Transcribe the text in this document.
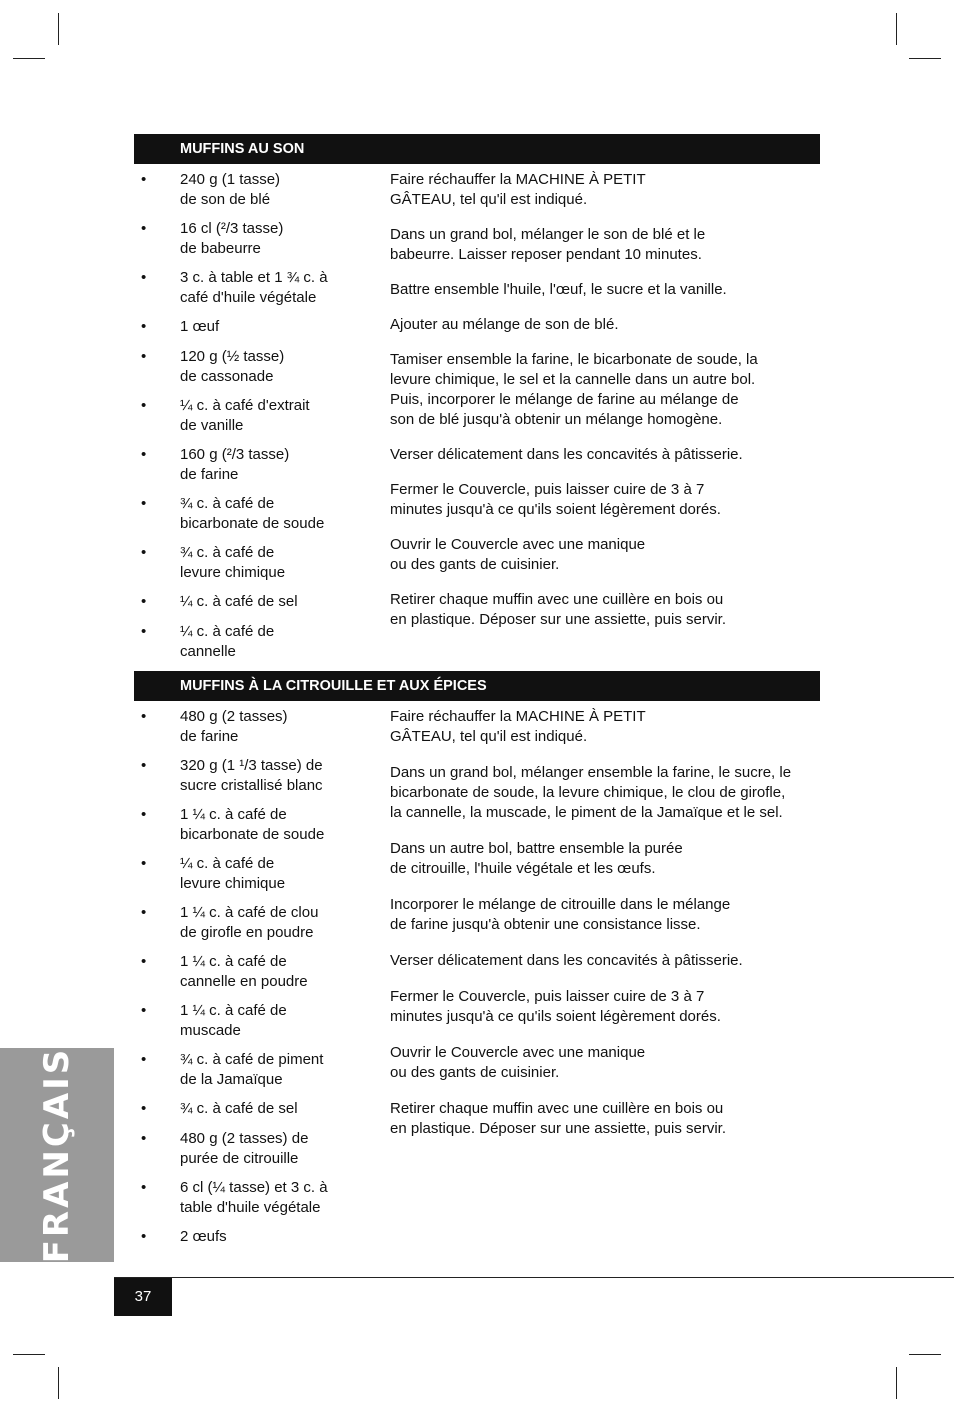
MUFFINS AU SON
• 240 g (1 tasse)
de son de blé
• 16 cl (²/3 tasse)
de babeurre
• 3 c. à table et 1 ¾ c. à
café d'huile végétale
• 1 œuf
• 120 g (½ tasse)
de cassonade
• ¼ c. à café d'extrait
de vanille
• 160 g (²/3 tasse)
de farine
• ¾ c. à café de
bicarbonate de soude
• ¾ c. à café de
levure chimique
• ¼ c. à café de sel
• ¼ c. à café de
cannelle

Faire réchauffer la MACHINE À PETIT
GÂTEAU, tel qu'il est indiqué.

Dans un grand bol, mélanger le son de blé et le
babeurre. Laisser reposer pendant 10 minutes.

Battre ensemble l'huile, l'œuf, le sucre et la vanille.

Ajouter au mélange de son de blé.

Tamiser ensemble la farine, le bicarbonate de soude, la
levure chimique, le sel et la cannelle dans un autre bol.
Puis, incorporer le mélange de farine au mélange de
son de blé jusqu'à obtenir un mélange homogène.

Verser délicatement dans les concavités à pâtisserie.

Fermer le Couvercle, puis laisser cuire de 3 à 7
minutes jusqu'à ce qu'ils soient légèrement dorés.

Ouvrir le Couvercle avec une manique
ou des gants de cuisinier.

Retirer chaque muffin avec une cuillère en bois ou
en plastique. Déposer sur une assiette, puis servir.

MUFFINS À LA CITROUILLE ET AUX ÉPICES
• 480 g (2 tasses)
de farine
• 320 g (1 ¹/3 tasse) de
sucre cristallisé blanc
• 1 ¼ c. à café de
bicarbonate de soude
• ¼ c. à café de
levure chimique
• 1 ¼ c. à café de clou
de girofle en poudre
• 1 ¼ c. à café de
cannelle en poudre
• 1 ¼ c. à café de
muscade
• ¾ c. à café de piment
de la Jamaïque
• ¾ c. à café de sel
• 480 g (2 tasses) de
purée de citrouille
• 6 cl (¼ tasse) et 3 c. à
table d'huile végétale
• 2 œufs

Faire réchauffer la MACHINE À PETIT
GÂTEAU, tel qu'il est indiqué.

Dans un grand bol, mélanger ensemble la farine, le sucre, le
bicarbonate de soude, la levure chimique, le clou de girofle,
la cannelle, la muscade, le piment de la Jamaïque et le sel.

Dans un autre bol, battre ensemble la purée
de citrouille, l'huile végétale et les œufs.

Incorporer le mélange de citrouille dans le mélange
de farine jusqu'à obtenir une consistance lisse.

Verser délicatement dans les concavités à pâtisserie.

Fermer le Couvercle, puis laisser cuire de 3 à 7
minutes jusqu'à ce qu'ils soient légèrement dorés.

Ouvrir le Couvercle avec une manique
ou des gants de cuisinier.

Retirer chaque muffin avec une cuillère en bois ou
en plastique. Déposer sur une assiette, puis servir.

FRANÇAIS
37
